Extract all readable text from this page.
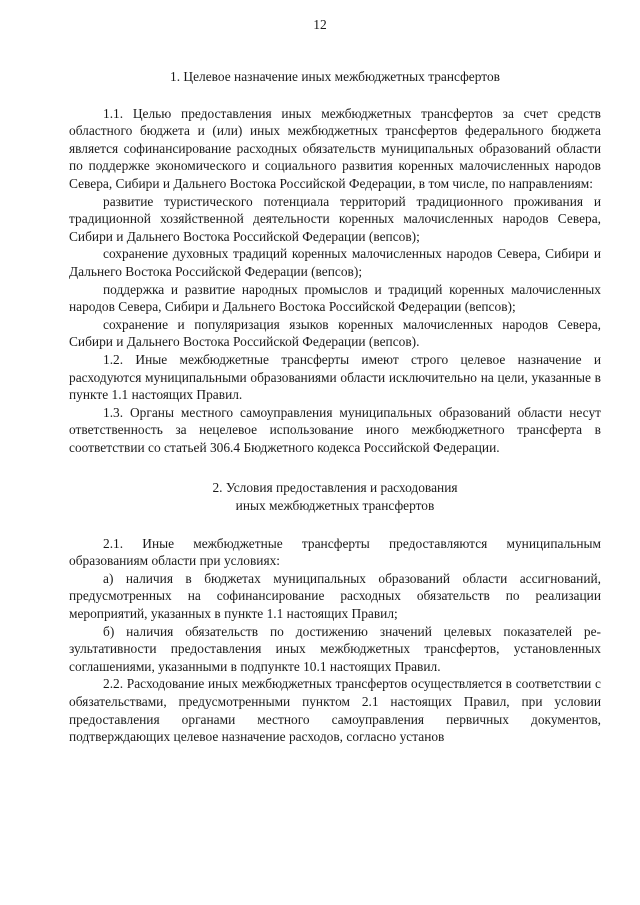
12

1. Целевое назначение иных межбюджетных трансфертов

1.1. Целью предоставления иных межбюджетных трансфертов за счет средств областного бюджета и (или) иных межбюджетных трансфертов федерального бюджета является софинансирование расходных обязательств муниципальных образований области по поддержке экономического и социального развития коренных малочисленных народов Севера, Сибири и Дальнего Востока Российской Федерации, в том числе, по направлениям:

развитие туристического потенциала территорий традиционного проживания и традиционной хозяйственной деятельности коренных малочисленных народов Севера, Сибири и Дальнего Востока Российской Федерации (вепсов);

сохранение духовных традиций коренных малочисленных народов Севера, Сибири и Дальнего Востока Российской Федерации (вепсов);

поддержка и развитие народных промыслов и традиций коренных малочисленных народов Севера, Сибири и Дальнего Востока Российской Федерации (вепсов);

сохранение и популяризация языков коренных малочисленных народов Севера, Сибири и Дальнего Востока Российской Федерации (вепсов).

1.2. Иные межбюджетные трансферты имеют строго целевое назначение и расходуются муниципальными образованиями области исключительно на цели, указанные в пункте 1.1 настоящих Правил.

1.3. Органы местного самоуправления муниципальных образований области несут ответственность за нецелевое использование иного межбюджетного трансферта в соответствии со статьей 306.4 Бюджетного кодекса Российской Федерации.

2. Условия предоставления и расходования
иных межбюджетных трансфертов

2.1. Иные межбюджетные трансферты предоставляются муниципальным образованиям области при условиях:

а) наличия в бюджетах муниципальных образований области ассигнований, предусмотренных на софинансирование расходных обязательств по реализации мероприятий, указанных в пункте 1.1 настоящих Правил;

б) наличия обязательств по достижению значений целевых показателей результативности предоставления иных межбюджетных трансфертов, установленных соглашениями, указанными в подпункте 10.1 настоящих Правил.

2.2. Расходование иных межбюджетных трансфертов осуществляется в соответствии с обязательствами, предусмотренными пунктом 2.1 настоящих Правил, при условии предоставления органами местного самоуправления первичных документов, подтверждающих целевое назначение расходов, согласно установ
